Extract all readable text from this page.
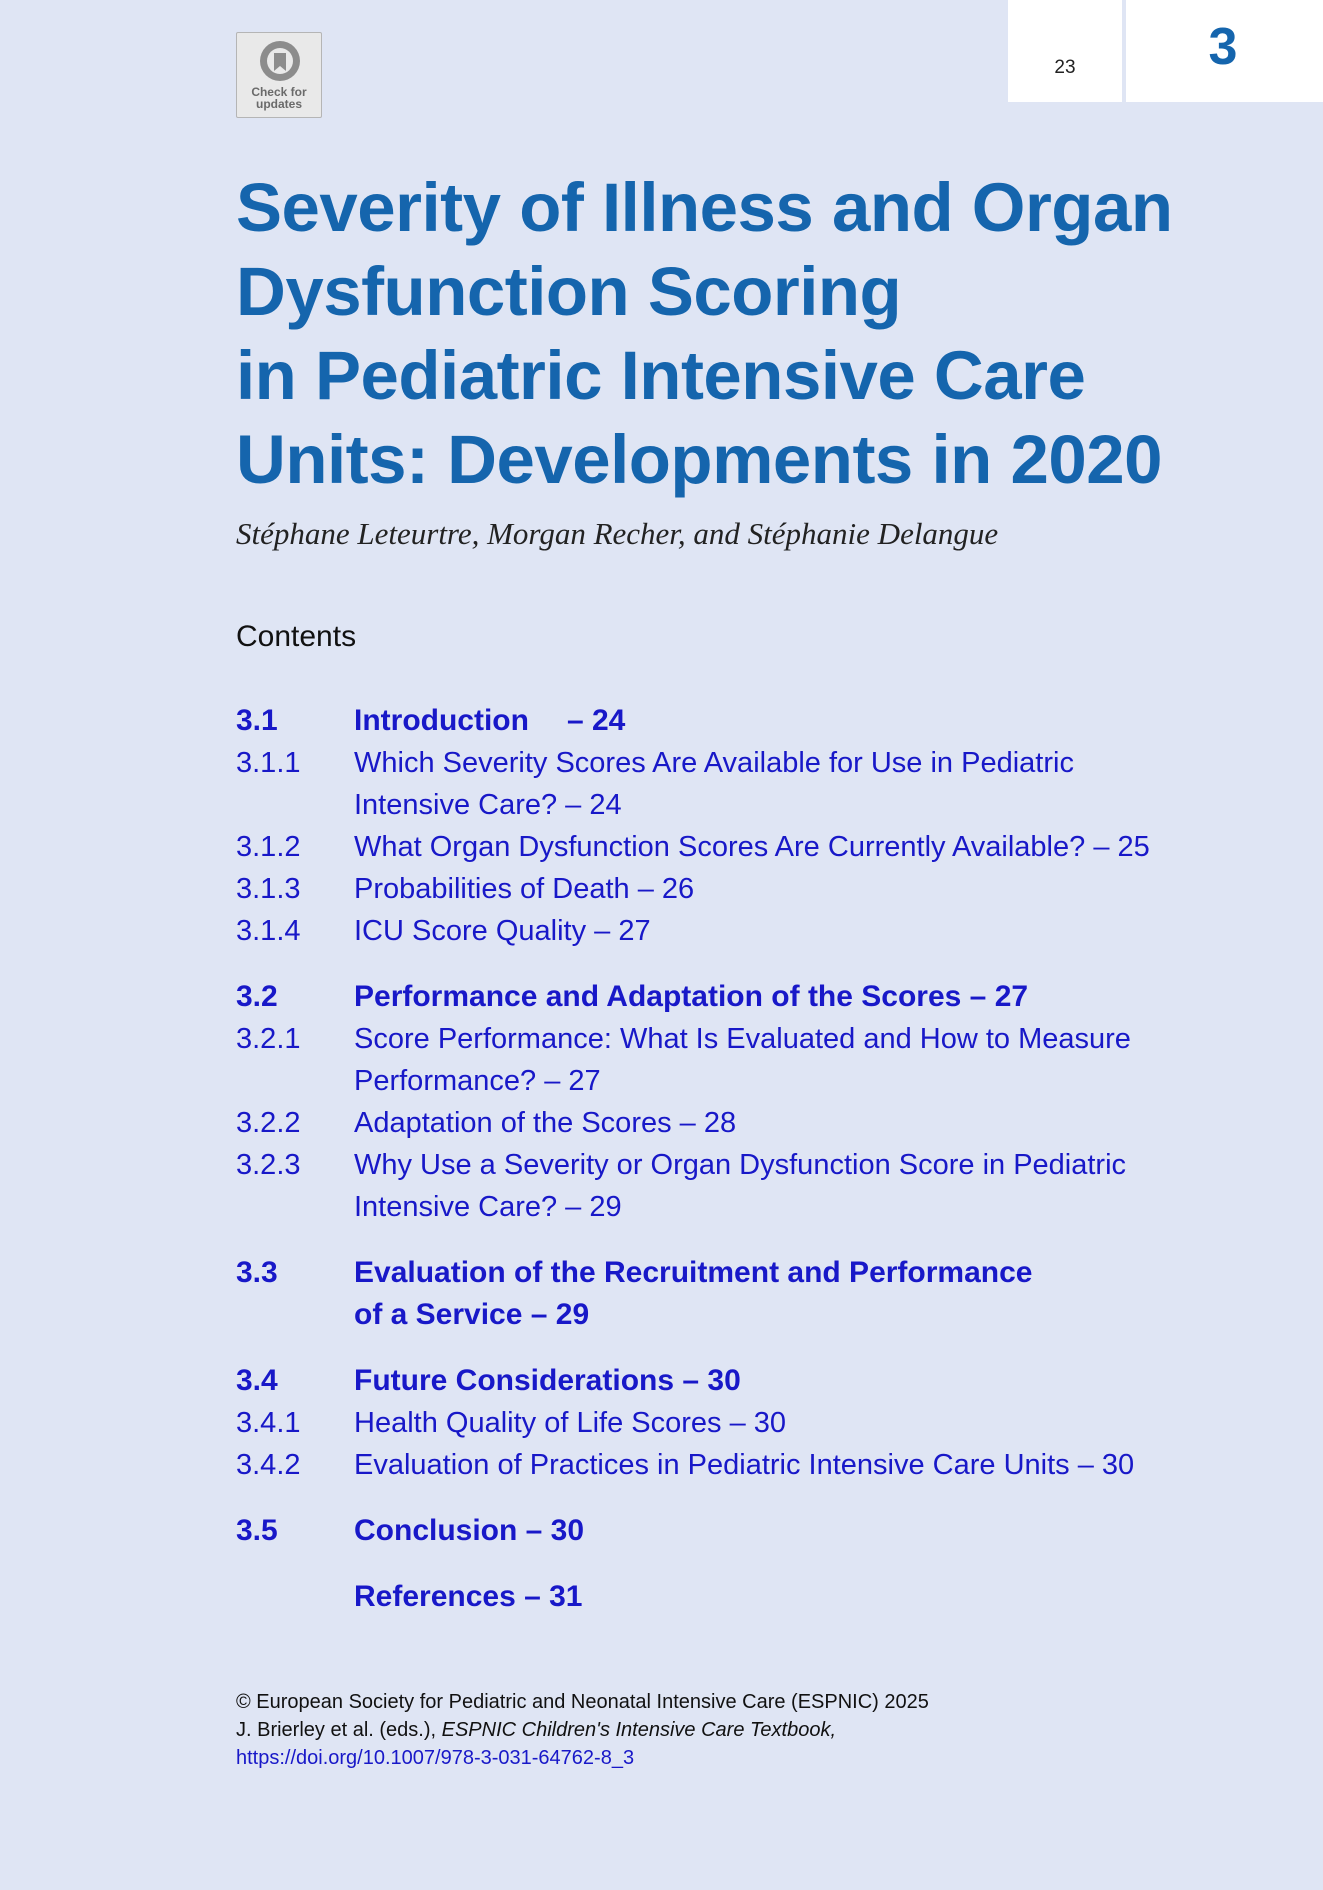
23	3
Check for
updates
Severity of Illness and Organ
Dysfunction Scoring
in Pediatric Intensive Care
Units: Developments in 2020
Stéphane Leteurtre, Morgan Recher, and Stéphanie Delangue
Contents
3.1	Introduction – 24
3.1.1	Which Severity Scores Are Available for Use in Pediatric
Intensive Care? – 24
3.1.2	What Organ Dysfunction Scores Are Currently Available? – 25
3.1.3	Probabilities of Death – 26
3.1.4	ICU Score Quality – 27
3.2	Performance and Adaptation of the Scores – 27
3.2.1	Score Performance: What Is Evaluated and How to Measure
Performance? – 27
3.2.2	Adaptation of the Scores – 28
3.2.3	Why Use a Severity or Organ Dysfunction Score in Pediatric
Intensive Care? – 29
3.3	Evaluation of the Recruitment and Performance
of a Service – 29
3.4	Future Considerations – 30
3.4.1	Health Quality of Life Scores – 30
3.4.2	Evaluation of Practices in Pediatric Intensive Care Units – 30
3.5	Conclusion – 30
References – 31
© European Society for Pediatric and Neonatal Intensive Care (ESPNIC) 2025
J. Brierley et al. (eds.), ESPNIC Children's Intensive Care Textbook,
https://doi.org/10.1007/978-3-031-64762-8_3
